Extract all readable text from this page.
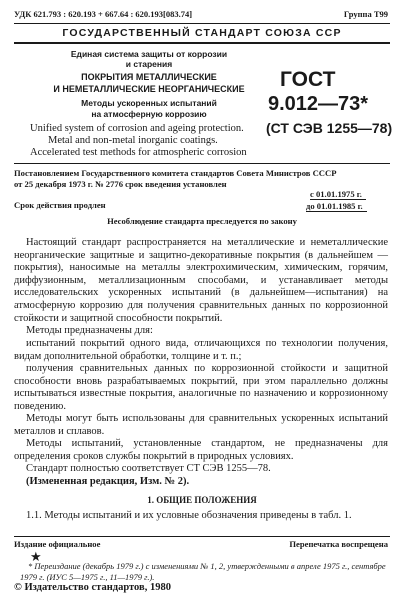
УДК 621.793 : 620.193 + 667.64 : 620.193[083.74]	Группа Т99
ГОСУДАРСТВЕННЫЙ СТАНДАРТ СОЮЗА ССР
Единая система защиты от коррозии
и старения
ПОКРЫТИЯ МЕТАЛЛИЧЕСКИЕ
И НЕМЕТАЛЛИЧЕСКИЕ НЕОРГАНИЧЕСКИЕ
Методы ускоренных испытаний
на атмосферную коррозию
Unified system of corrosion and ageing protection.
Metal and non-metal inorganic coatings.
Accelerated test methods for atmospheric corrosion
ГОСТ
9.012—73*
(СТ СЭВ 1255—78)
Постановлением Государственного комитета стандартов Совета Министров СССР
от 25 декабря 1973 г. № 2776 срок введения установлен
с 01.01.1975 г.
Срок действия продлен	до 01.01.1985 г.
Несоблюдение стандарта преследуется по закону
Настоящий стандарт распространяется на металлические и неметаллические неорганические защитные и защитно-декоративные покрытия (в дальнейшем — покрытия), наносимые на металлы электрохимическим, химическим, горячим, диффузионным, металлизационным способами, и устанавливает методы исследовательских ускоренных испытаний (в дальнейшем—испытания) на атмосферную коррозию для получения сравнительных данных по коррозионной стойкости и защитной способности покрытий.
Методы предназначены для:
испытаний покрытий одного вида, отличающихся по технологии получения, видам дополнительной обработки, толщине и т. п.;
получения сравнительных данных по коррозионной стойкости и защитной способности вновь разрабатываемых покрытий, при этом параллельно должны испытываться известные покрытия, аналогичные по назначению и коррозионному поведению.
Методы могут быть использованы для сравнительных ускоренных испытаний металлов и сплавов.
Методы испытаний, установленные стандартом, не предназначены для определения сроков службы покрытий в природных условиях.
Стандарт полностью соответствует СТ СЭВ 1255—78.
(Измененная редакция, Изм. № 2).
1. ОБЩИЕ ПОЛОЖЕНИЯ
1.1. Методы испытаний и их условные обозначения приведены в табл. 1.
Издание официальное	Перепечатка воспрещена
★
* Переиздание (декабрь 1979 г.) с изменениями № 1, 2, утвержденными в апреле 1975 г., сентябре 1979 г. (ИУС 5—1975 г., 11—1979 г.).
© Издательство стандартов, 1980
